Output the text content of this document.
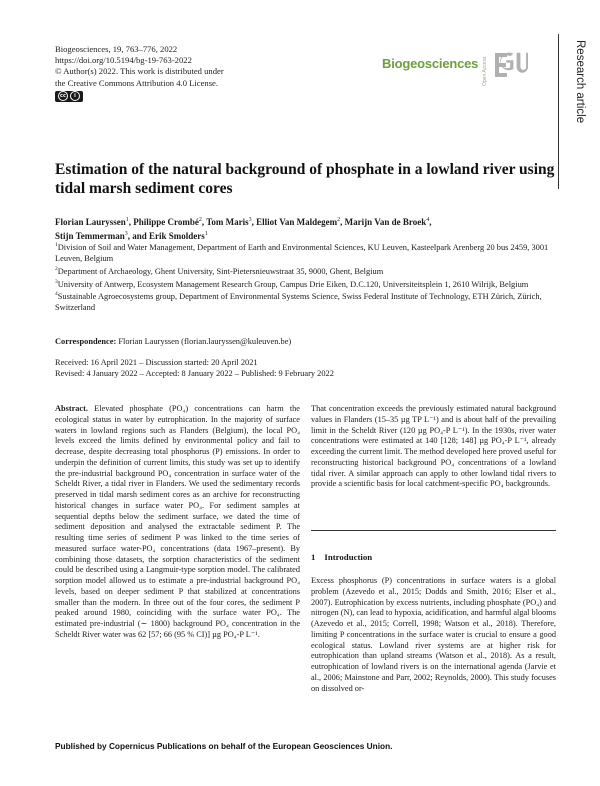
Biogeosciences, 19, 763–776, 2022
https://doi.org/10.5194/bg-19-763-2022
© Author(s) 2022. This work is distributed under
the Creative Commons Attribution 4.0 License.
cc	i
Biogeosciences Open Access	Research article
Estimation of the natural background of phosphate in a lowland river using tidal marsh sediment cores
Florian Lauryssen$^1$, Philippe Crombé$^2$, Tom Maris$^3$, Elliot Van Maldegem$^2$, Marijn Van de Broek$^4$,
Stijn Temmerman$^3$, and Erik Smolders$^1$

$^1$Division of Soil and Water Management, Department of Earth and Environmental Sciences, KU Leuven, Kasteelpark Arenberg 20 bus 2459, 3001 Leuven, Belgium

$^2$Department of Archaeology, Ghent University, Sint-Pietersnieuwstraat 35, 9000, Ghent, Belgium

$^3$University of Antwerp, Ecosystem Management Research Group, Campus Drie Eiken, D.C.120, Universiteitsplein 1, 2610 Wilrijk, Belgium

$^4$Sustainable Agroecosystems group, Department of Environmental Systems Science, Swiss Federal Institute of Technology, ETH Zürich, Zürich, Switzerland

Correspondence: Florian Lauryssen (florian.lauryssen@kuleuven.be)
Received: 16 April 2021 – Discussion started: 20 April 2021
Revised: 4 January 2022 – Accepted: 8 January 2022 – Published: 9 February 2022

Abstract. Elevated phosphate (PO₄) concentrations can harm the ecological status in water by eutrophication. In the majority of surface waters in lowland regions such as Flanders (Belgium), the local PO₄ levels exceed the limits defined by environmental policy and fail to decrease, despite decreasing total phosphorus (P) emissions. In order to underpin the definition of current limits, this study was set up to identify the pre-industrial background PO₄ concentration in surface water of the Scheldt River, a tidal river in Flanders. We used the sedimentary records preserved in tidal marsh sediment cores as an archive for reconstructing historical changes in surface water PO₄. For sediment samples at sequential depths below the sediment surface, we dated the time of sediment deposition and analysed the extractable sediment P. The resulting time series of sediment P was linked to the time series of measured surface water-PO₄ concentrations (data 1967–present). By combining those datasets, the sorption characteristics of the sediment could be described using a Langmuir-type sorption model. The calibrated sorption model allowed us to estimate a pre-industrial background PO₄ levels, based on deeper sediment P that stabilized at concentrations smaller than the modern. In three out of the four cores, the sediment P peaked around 1980, coinciding with the surface water PO₄. The estimated pre-industrial (∼ 1800) background PO₄ concentration in the Scheldt River water was 62 [57; 66 (95 % CI)] µg PO₄-P L⁻¹.

That concentration exceeds the previously estimated natural background values in Flanders (15–35 µg TP L⁻¹) and is about half of the prevailing limit in the Scheldt River (120 µg PO₄-P L⁻¹). In the 1930s, river water concentrations were estimated at 140 [128; 148] µg PO₄-P L⁻¹, already exceeding the current limit. The method developed here proved useful for reconstructing historical background PO₄ concentrations of a lowland tidal river. A similar approach can apply to other lowland tidal rivers to provide a scientific basis for local catchment-specific PO₄ backgrounds.

1 Introduction

Excess phosphorus (P) concentrations in surface waters is a global problem (Azevedo et al., 2015; Dodds and Smith, 2016; Elser et al., 2007). Eutrophication by excess nutrients, including phosphate (PO₄) and nitrogen (N), can lead to hypoxia, acidification, and harmful algal blooms (Azevedo et al., 2015; Correll, 1998; Watson et al., 2018). Therefore, limiting P concentrations in the surface water is crucial to ensure a good ecological status. Lowland river systems are at higher risk for eutrophication than upland streams (Watson et al., 2018). As a result, eutrophication of lowland rivers is on the international agenda (Jarvie et al., 2006; Mainstone and Parr, 2002; Reynolds, 2000). This study focuses on dissolved or-

Published by Copernicus Publications on behalf of the European Geosciences Union.
